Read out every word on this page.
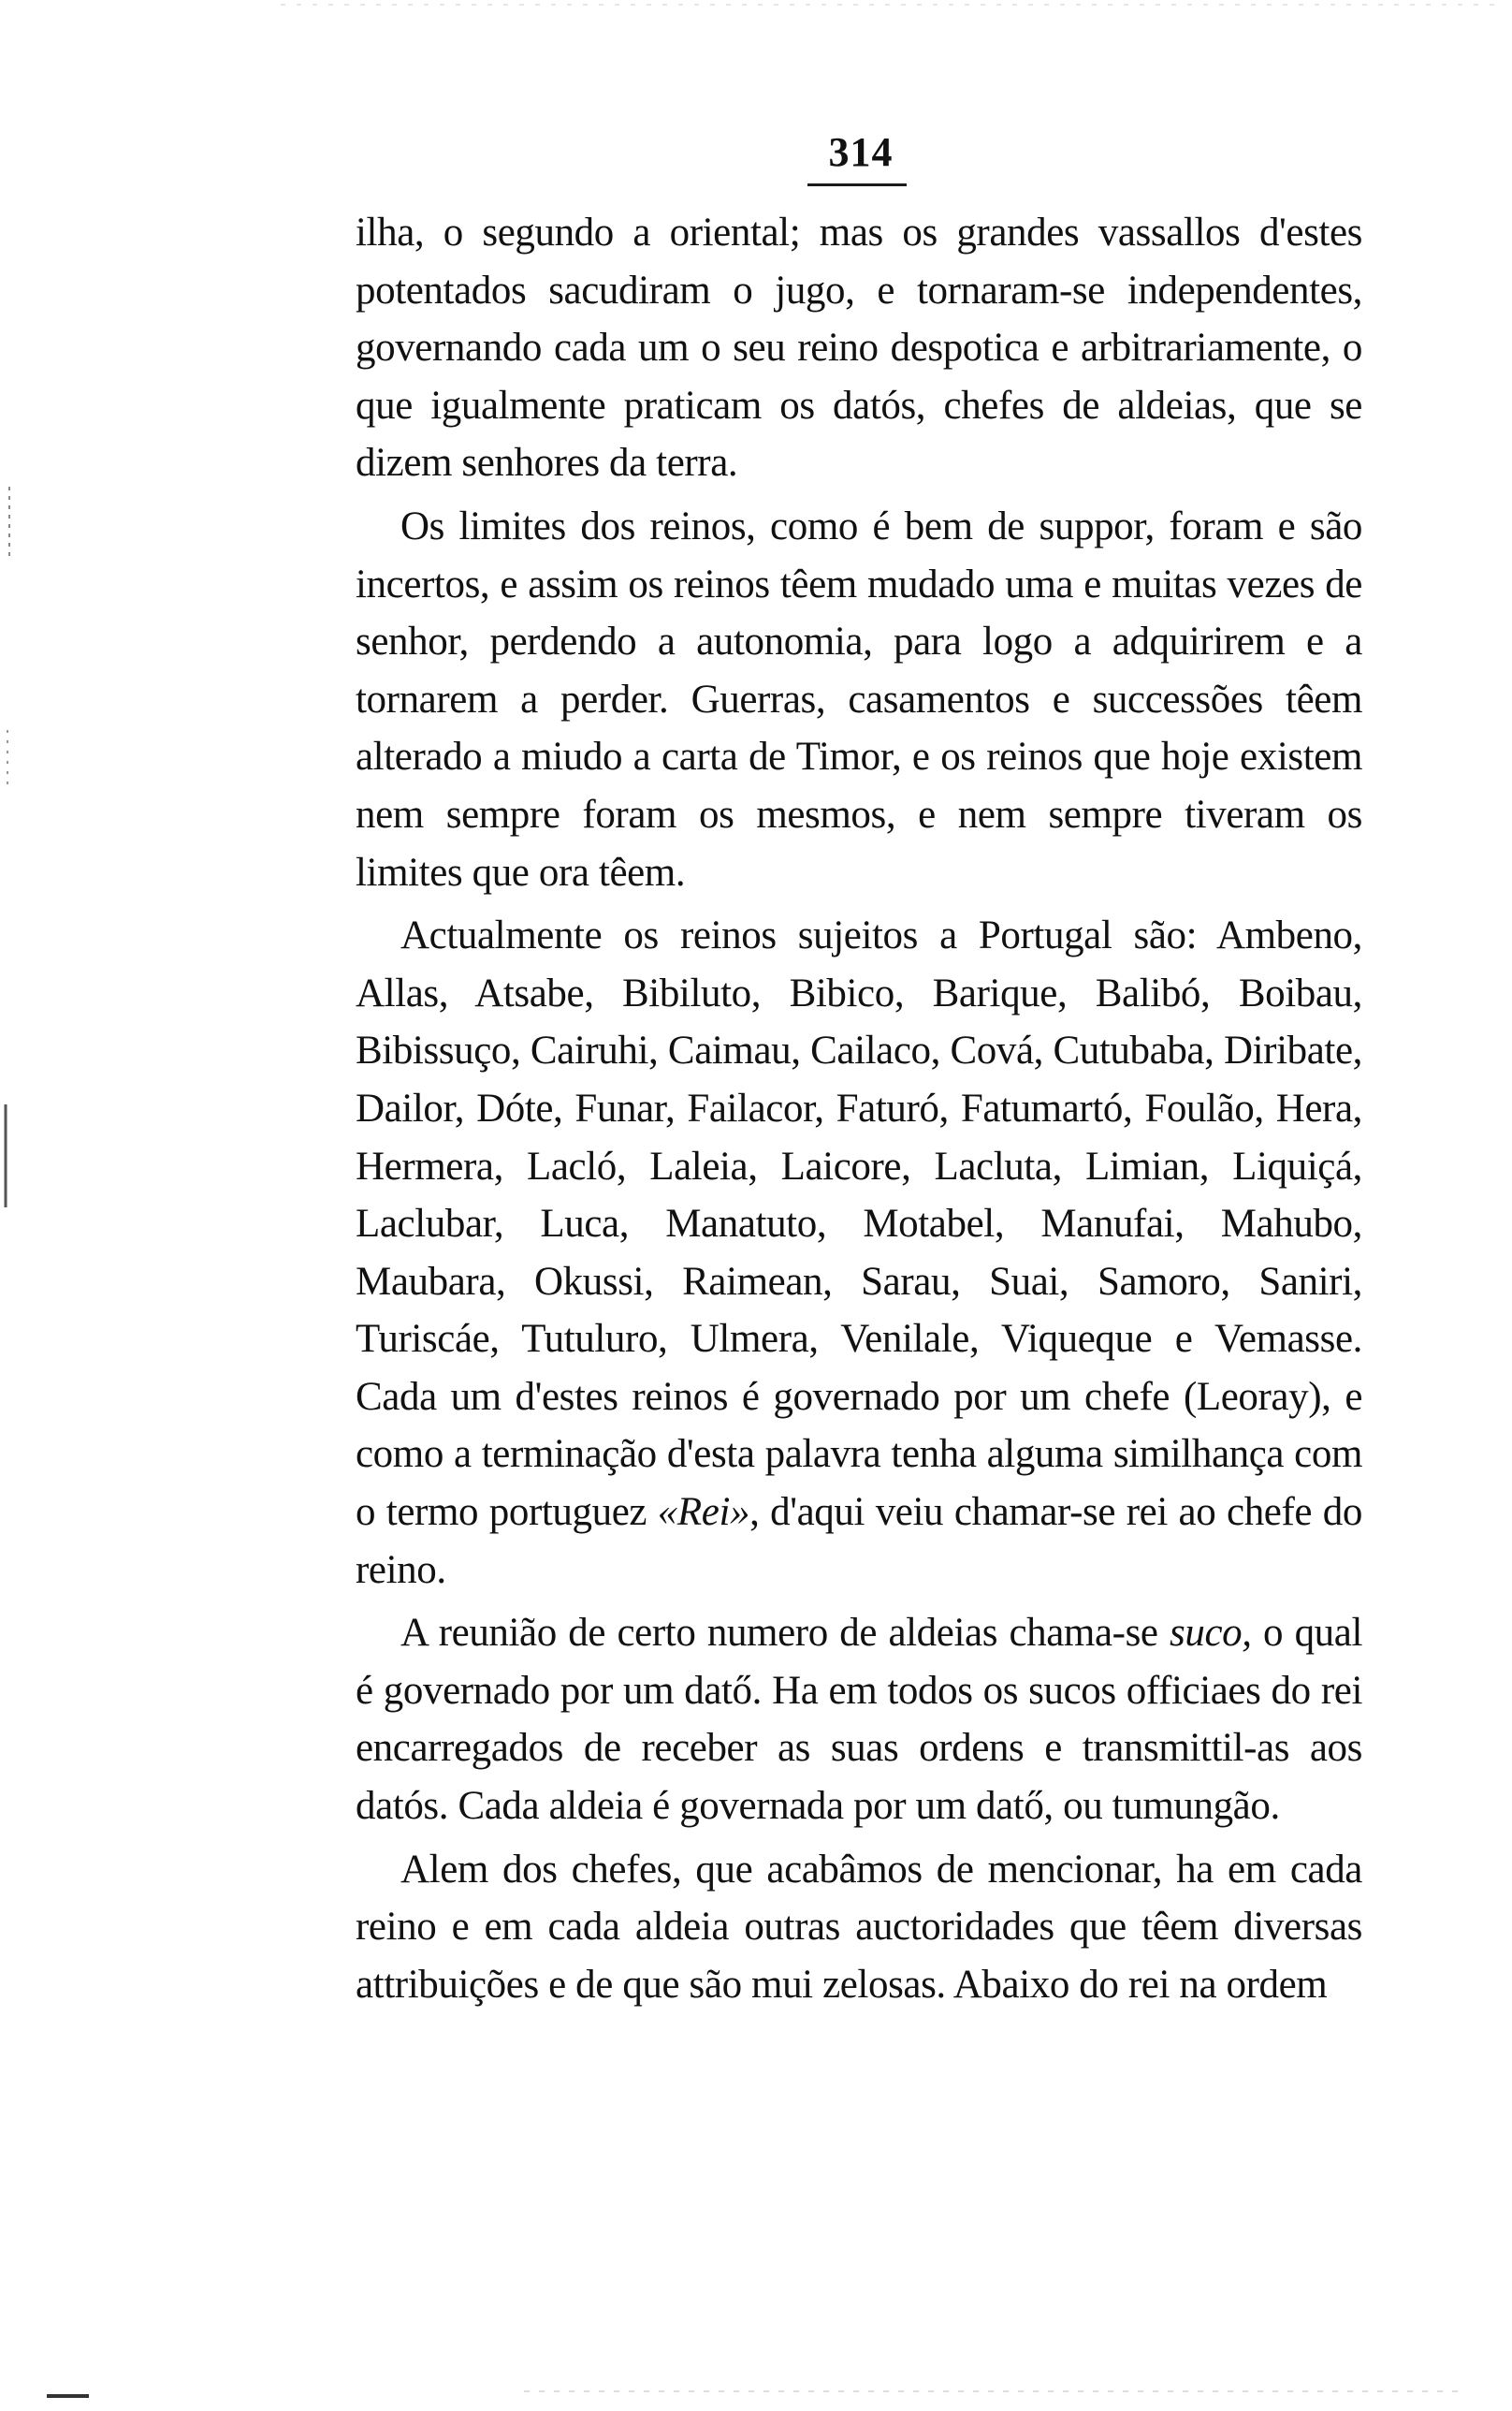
314

ilha, o segundo a oriental; mas os grandes vassallos d'estes potentados sacudiram o jugo, e tornaram-se independentes, governando cada um o seu reino despotica e arbitrariamente, o que igualmente praticam os datós, chefes de aldeias, que se dizem senhores da terra.

Os limites dos reinos, como é bem de suppor, foram e são incertos, e assim os reinos têem mudado uma e muitas vezes de senhor, perdendo a autonomia, para logo a adquirirem e a tornarem a perder. Guerras, casamentos e successões têem alterado a miudo a carta de Timor, e os reinos que hoje existem nem sempre foram os mesmos, e nem sempre tiveram os limites que ora têem.

Actualmente os reinos sujeitos a Portugal são: Ambeno, Allas, Atsabe, Bibiluto, Bibico, Barique, Balibó, Boibau, Bibissuço, Cairuhi, Caimau, Cailaco, Cová, Cutubaba, Diribate, Dailor, Dóte, Funar, Failacor, Faturó, Fatumartó, Foulão, Hera, Hermera, Lacló, Laleia, Laicore, Lacluta, Limian, Liquiçá, Laclubar, Luca, Manatuto, Motabel, Manufai, Mahubo, Maubara, Okussi, Raimean, Sarau, Suai, Samoro, Saniri, Turiscáe, Tutuluro, Ulmera, Venilale, Viqueque e Vemasse. Cada um d'estes reinos é governado por um chefe (Leoray), e como a terminação d'esta palavra tenha alguma similhança com o termo portuguez «Rei», d'aqui veiu chamar-se rei ao chefe do reino.

A reunião de certo numero de aldeias chama-se suco, o qual é governado por um datő. Ha em todos os sucos officiaes do rei encarregados de receber as suas ordens e transmittil-as aos datós. Cada aldeia é governada por um datő, ou tumungão.

Alem dos chefes, que acabâmos de mencionar, ha em cada reino e em cada aldeia outras auctoridades que têem diversas attribuições e de que são mui zelosas. Abaixo do rei na ordem
